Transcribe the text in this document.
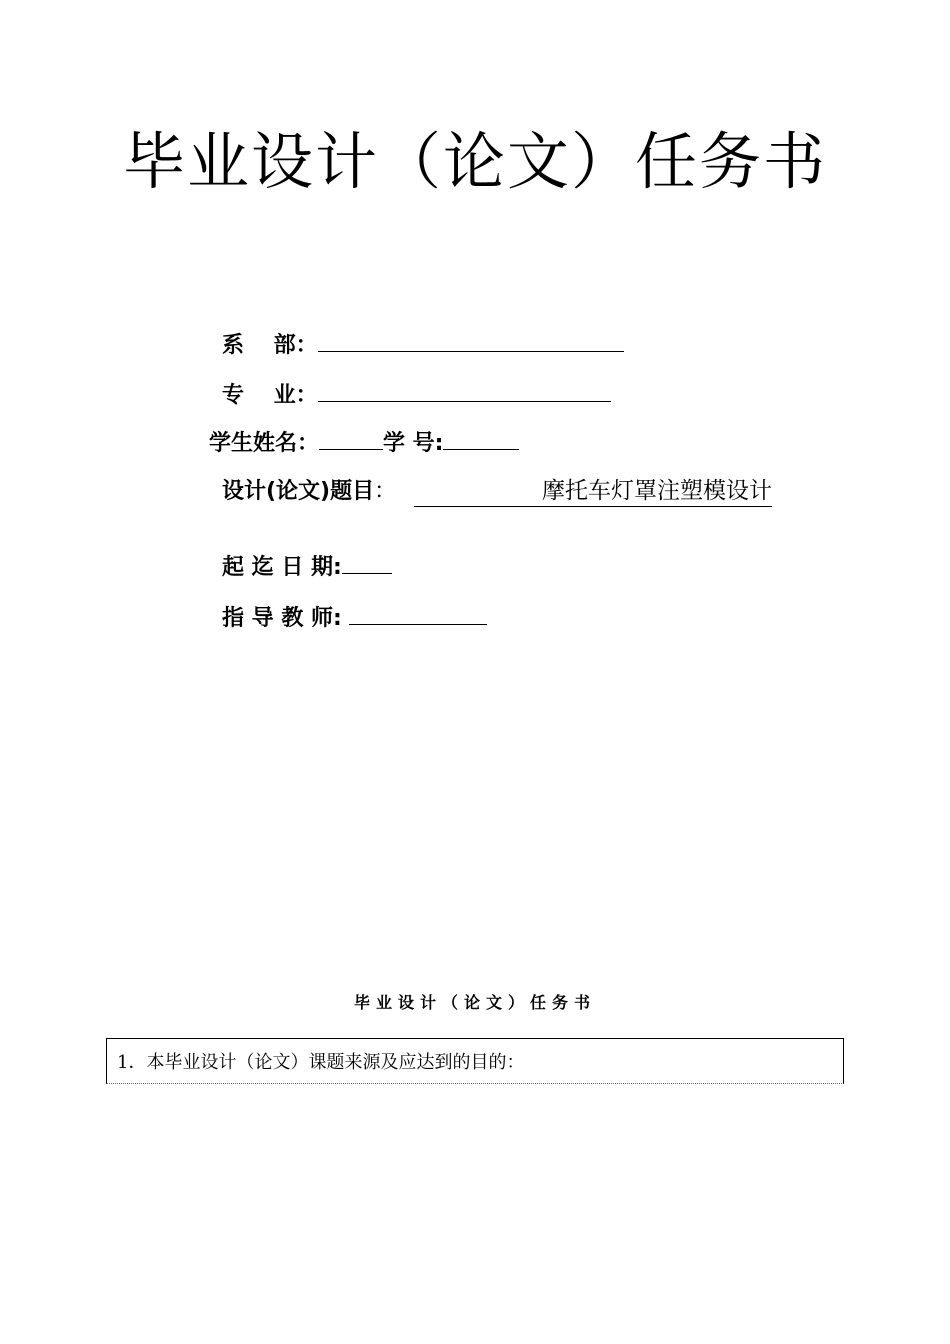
毕业设计（论文）任务书
系　 部：
专　 业：
学生姓名：	学 号:
设计(论文)题目：	摩托车灯罩注塑模设计
起 迄 日 期:
指 导 教 师:
毕业设计（论文）任务书
1．本毕业设计（论文）课题来源及应达到的目的：
